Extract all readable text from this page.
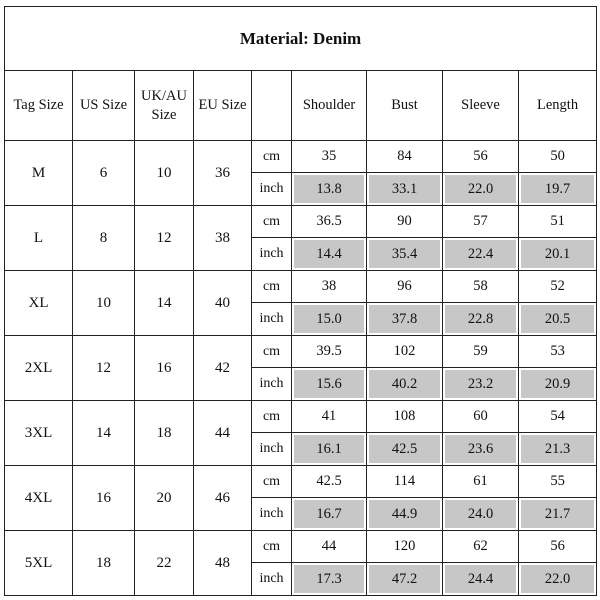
Material: Denim								
Tag Size	US Size	UK/AU Size	EU Size		Shoulder	Bust	Sleeve	Length
M	6	10	36	cm	35	84	56	50
				inch	13.8	33.1	22.0	19.7
L	8	12	38	cm	36.5	90	57	51
				inch	14.4	35.4	22.4	20.1
XL	10	14	40	cm	38	96	58	52
				inch	15.0	37.8	22.8	20.5
2XL	12	16	42	cm	39.5	102	59	53
				inch	15.6	40.2	23.2	20.9
3XL	14	18	44	cm	41	108	60	54
				inch	16.1	42.5	23.6	21.3
4XL	16	20	46	cm	42.5	114	61	55
				inch	16.7	44.9	24.0	21.7
5XL	18	22	48	cm	44	120	62	56
				inch	17.3	47.2	24.4	22.0
